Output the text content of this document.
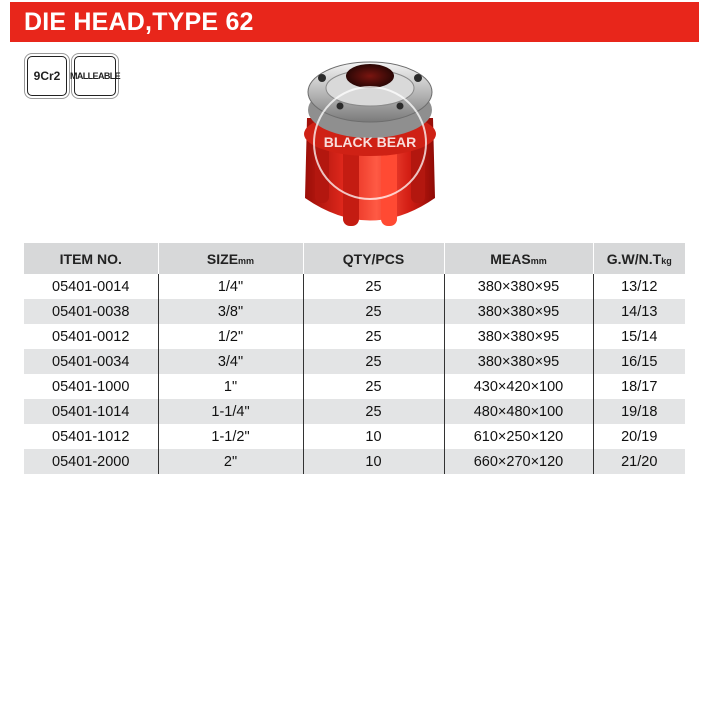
DIE HEAD,TYPE 62
9Cr2	MALLEABLE
BLACK BEAR
ITEM NO.	SIZEmm	QTY/PCS	MEASmm	G.W/N.Tkg
05401-0014	1/4"	25	380×380×95	13/12
05401-0038	3/8"	25	380×380×95	14/13
05401-0012	1/2"	25	380×380×95	15/14
05401-0034	3/4"	25	380×380×95	16/15
05401-1000	1"	25	430×420×100	18/17
05401-1014	1-1/4"	25	480×480×100	19/18
05401-1012	1-1/2"	10	610×250×120	20/19
05401-2000	2"	10	660×270×120	21/20
